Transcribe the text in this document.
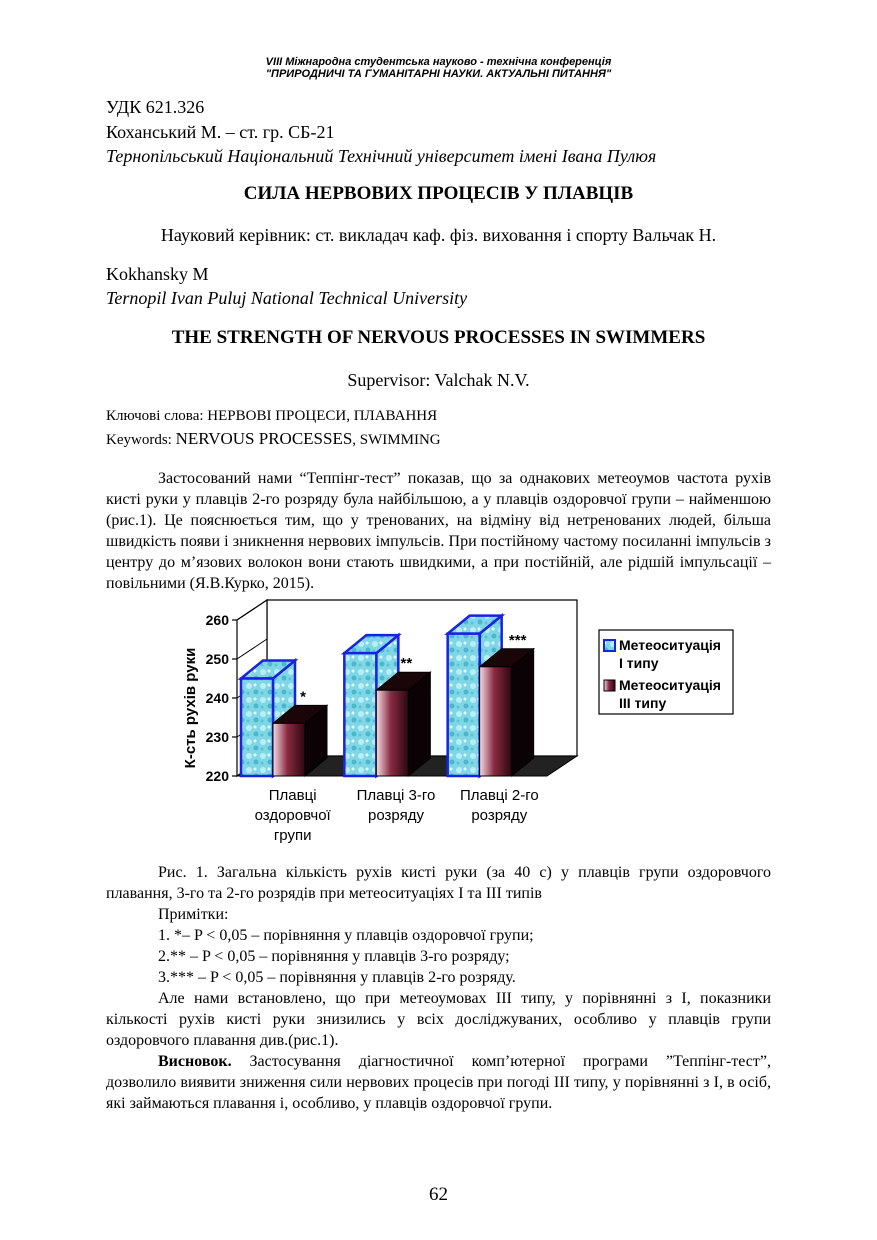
VIII Міжнародна студентська науково - технічна конференція
"ПРИРОДНИЧІ ТА ГУМАНІТАРНІ НАУКИ. АКТУАЛЬНІ ПИТАННЯ"
УДК 621.326
Коханський М. – ст. гр. СБ-21
Тернопільський Національний Технічний університет імені Івана Пулюя
СИЛА НЕРВОВИХ ПРОЦЕСІВ У ПЛАВЦІВ
Науковий керівник: ст. викладач каф. фіз. виховання і спорту Вальчак Н.
Kokhansky M
Ternopil Ivan Puluj National Technical University
THE STRENGTH OF NERVOUS PROCESSES IN SWIMMERS
Supervisor: Valchak N.V.
Ключові слова: НЕРВОВІ ПРОЦЕСИ, ПЛАВАННЯ
Keywords: NERVOUS PROCESSES, SWIMMING
Застосований нами “Теппінг-тест” показав, що за однакових метеоумов частота рухів кисті руки у плавців 2-го розряду була найбільшою, а у плавців оздоровчої групи – найменшою (рис.1). Це пояснюється тим, що у тренованих, на відміну від нетренованих людей, більша швидкість появи і зникнення нервових імпульсів. При постійному частому посиланні імпульсів з центру до м’язових волокон вони стають швидкими, а при постійній, але рідшій імпульсації – повільними (Я.В.Курко, 2015).
220
230
240
250
260
*
**
***
Плавці
оздоровчої
групи
Плавці 3-го
розряду
Плавці 2-го
розряду
К-сть рухів руки
Метеоситуація
І типу
Метеоситуація
ІІІ типу
Рис. 1. Загальна кількість рухів кисті руки (за 40 с) у плавців групи оздоровчого плавання, 3-го та 2-го розрядів при метеоситуаціях І та ІІІ типів
Примітки:
1. *– P < 0,05 – порівняння у плавців оздоровчої групи;
2.** – P < 0,05 – порівняння у плавців 3-го розряду;
3.*** – P < 0,05 – порівняння у плавців 2-го розряду.
Але нами встановлено, що при метеоумовах ІІІ типу, у порівнянні з І, показники кількості рухів кисті руки знизились у всіх досліджуваних, особливо у плавців групи оздоровчого плавання див.(рис.1).
Висновок. Застосування діагностичної комп’ютерної програми ”Теппінг-тест”, дозволило виявити зниження сили нервових процесів при погоді ІІІ типу, у порівнянні з І, в осіб, які займаються плавання і, особливо, у плавців оздоровчої групи.
62
